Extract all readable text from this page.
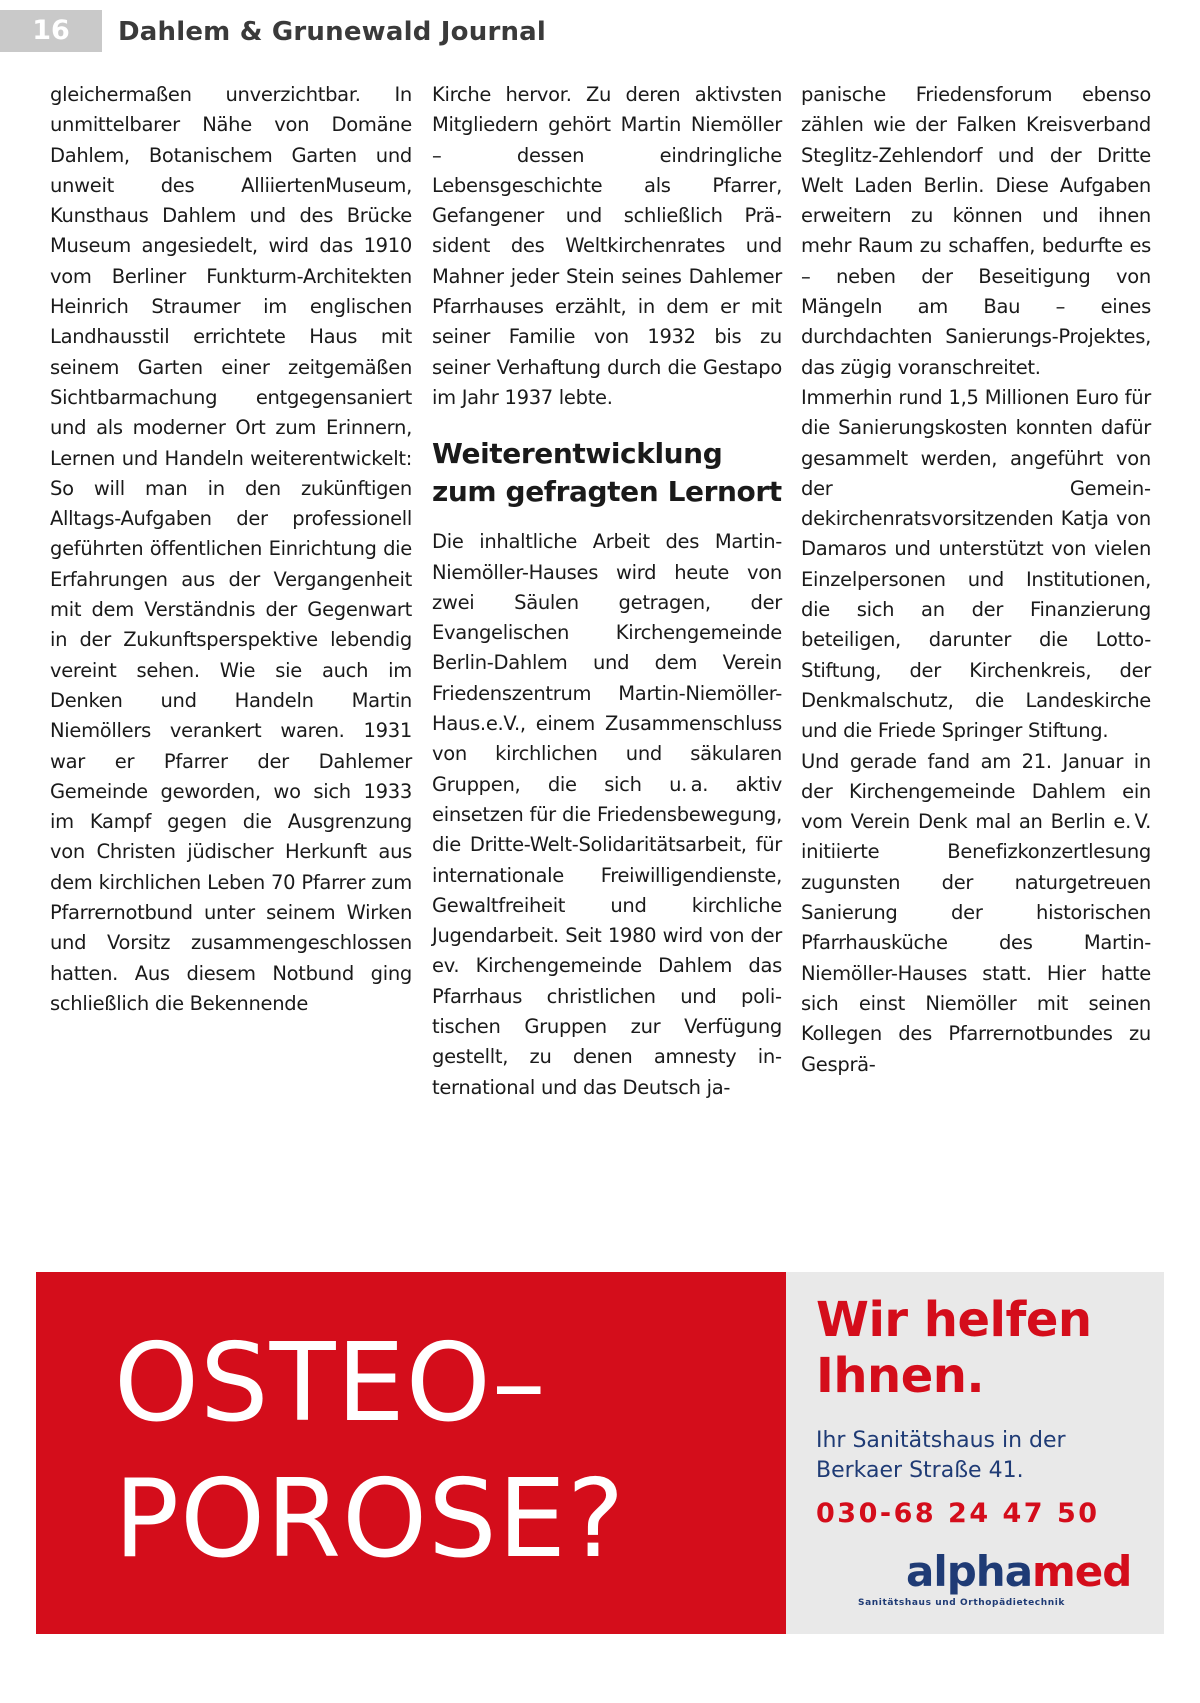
16	Dahlem & Grunewald Journal

gleichermaßen unverzichtbar. In unmittelbarer Nähe von Domäne Dahlem, Botanischem Garten und unweit des AlliiertenMuseum, Kunsthaus Dahlem und des Brücke Museum angesiedelt, wird das 1910 vom Berliner Funkturm-Architekten Heinrich Straumer im englischen Landhausstil errichtete Haus mit seinem Garten einer zeitgemäßen Sichtbarmachung entgegensaniert und als moderner Ort zum Erinnern, Lernen und Handeln weiterentwickelt: So will man in den zukünftigen Alltags-Aufgaben der professionell geführten öffentlichen Einrichtung die Erfahrungen aus der Vergangenheit mit dem Verständnis der Gegenwart in der Zukunftsperspektive lebendig vereint sehen. Wie sie auch im Denken und Handeln Martin Niemöllers verankert waren. 1931 war er Pfarrer der Dahlemer Gemeinde geworden, wo sich 1933 im Kampf gegen die Ausgrenzung von Christen jüdischer Herkunft aus dem kirchlichen Leben 70 Pfarrer zum Pfarrernotbund unter seinem Wirken und Vorsitz zusammengeschlossen hatten. Aus diesem Notbund ging schließlich die Bekennende

Kirche hervor. Zu deren aktivsten Mitgliedern gehört Martin Niemöller – dessen eindringliche Lebensgeschichte als Pfarrer, Gefangener und schließlich Präsident des Weltkirchenrates und Mahner jeder Stein seines Dahlemer Pfarrhauses erzählt, in dem er mit seiner Familie von 1932 bis zu seiner Verhaftung durch die Gestapo im Jahr 1937 lebte.

Weiterentwicklung zum gefragten Lernort

Die inhaltliche Arbeit des Martin-Niemöller-Hauses wird heute von zwei Säulen getragen, der Evangelischen Kirchengemeinde Berlin-Dahlem und dem Verein Friedenszentrum Martin-Niemöller-Haus.e.V., einem Zusammenschluss von kirchlichen und säkularen Gruppen, die sich u. a. aktiv einsetzen für die Friedensbewegung, die Dritte-Welt-Solidaritätsarbeit, für internationale Freiwilligendienste, Gewaltfreiheit und kirchliche Jugendarbeit. Seit 1980 wird von der ev. Kirchengemeinde Dahlem das Pfarrhaus christlichen und politischen Gruppen zur Verfügung gestellt, zu denen amnesty international und das Deutsch ja-

panische Friedensforum ebenso zählen wie der Falken Kreisverband Steglitz-Zehlendorf und der Dritte Welt Laden Berlin. Diese Aufgaben erweitern zu können und ihnen mehr Raum zu schaffen, bedurfte es – neben der Beseitigung von Mängeln am Bau – eines durchdachten Sanierungs-Projektes, das zügig voranschreitet.

Immerhin rund 1,5 Millionen Euro für die Sanierungskosten konnten dafür gesammelt werden, angeführt von der Gemeindekirchenratsvorsitzenden Katja von Damaros und unterstützt von vielen Einzelpersonen und Institutionen, die sich an der Finanzierung beteiligen, darunter die Lotto-Stiftung, der Kirchenkreis, der Denkmalschutz, die Landeskirche und die Friede Springer Stiftung.

Und gerade fand am 21. Januar in der Kirchengemeinde Dahlem ein vom Verein Denk mal an Berlin e. V. initiierte Benefizkonzertlesung zugunsten der naturgetreuen Sanierung der historischen Pfarrhausküche des Martin-Niemöller-Hauses statt. Hier hatte sich einst Niemöller mit seinen Kollegen des Pfarrernotbundes zu Gesprä-

OSTEO–
POROSE?
Wir helfen
Ihnen.
Ihr Sanitätshaus in der
Berkaer Straße 41.
030-68 24 47 50
alphamed
Sanitätshaus und Orthopädietechnik
